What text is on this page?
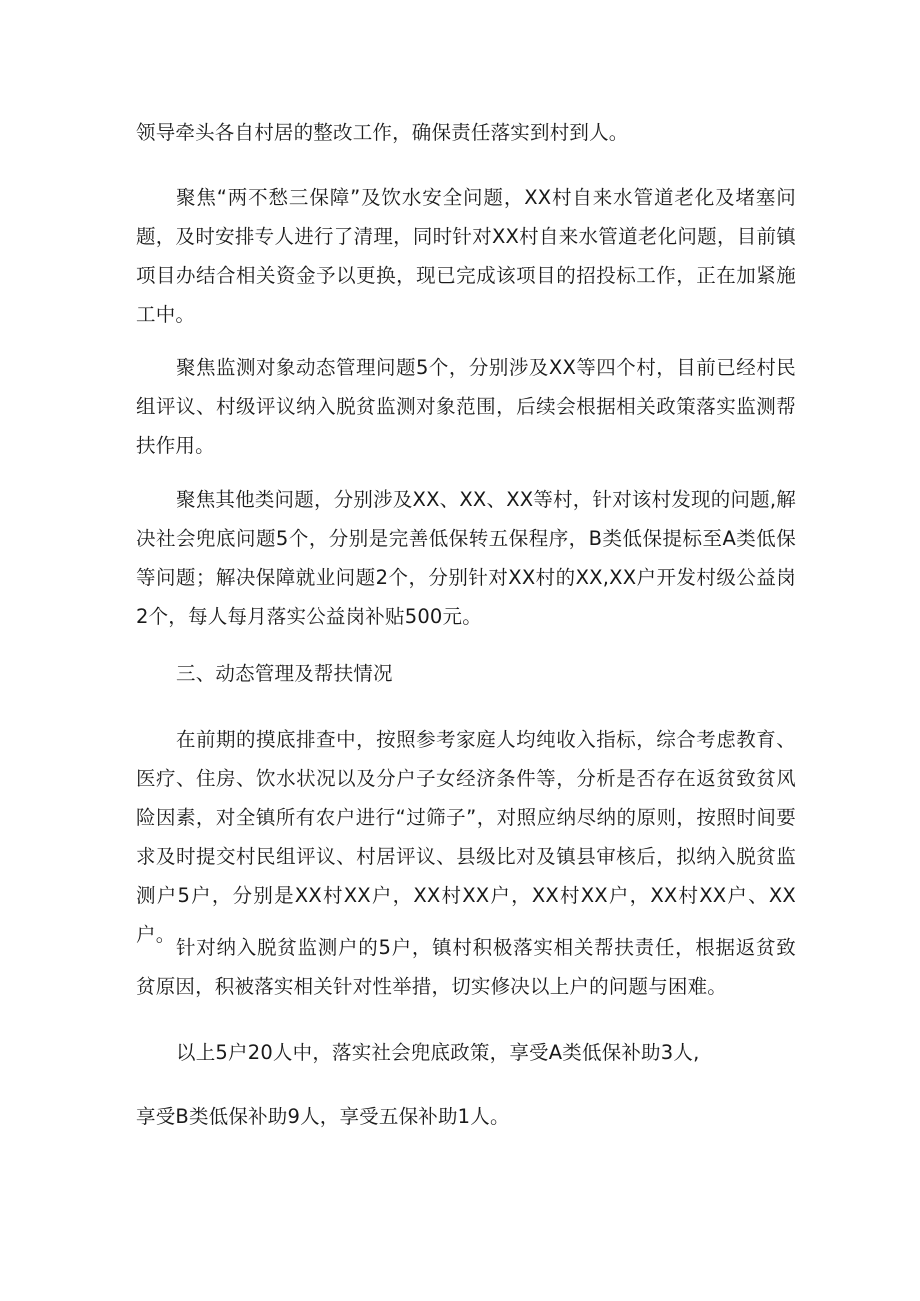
领导牵头各自村居的整改工作，确保责任落实到村到人。

聚焦“两不愁三保障”及饮水安全问题，XX村自来水管道老化及堵塞问题，及时安排专人进行了清理，同时针对XX村自来水管道老化问题，目前镇项目办结合相关资金予以更换，现已完成该项目的招投标工作，正在加紧施工中。

聚焦监测对象动态管理问题5个，分别涉及XX等四个村，目前已经村民组评议、村级评议纳入脱贫监测对象范围，后续会根据相关政策落实监测帮扶作用。

聚焦其他类问题，分别涉及XX、XX、XX等村，针对该村发现的问题,解决社会兜底问题5个，分别是完善低保转五保程序，B类低保提标至A类低保等问题；解决保障就业问题2个，分别针对XX村的XX,XX户开发村级公益岗2个，每人每月落实公益岗补贴500元。

三、动态管理及帮扶情况

在前期的摸底排查中，按照参考家庭人均纯收入指标，综合考虑教育、医疗、住房、饮水状况以及分户子女经济条件等，分析是否存在返贫致贫风险因素，对全镇所有农户进行“过筛子”，对照应纳尽纳的原则，按照时间要求及时提交村民组评议、村居评议、县级比对及镇县审核后，拟纳入脱贫监测户5户，分别是XX村XX户，XX村XX户，XX村XX户，XX村XX户、XX户。

针对纳入脱贫监测户的5户，镇村积极落实相关帮扶责任，根据返贫致贫原因，积被落实相关针对性举措，切实修决以上户的问题与困难。

以上5户20人中，落实社会兜底政策，享受A类低保补助3人,

享受B类低保补助9人，享受五保补助1人。
